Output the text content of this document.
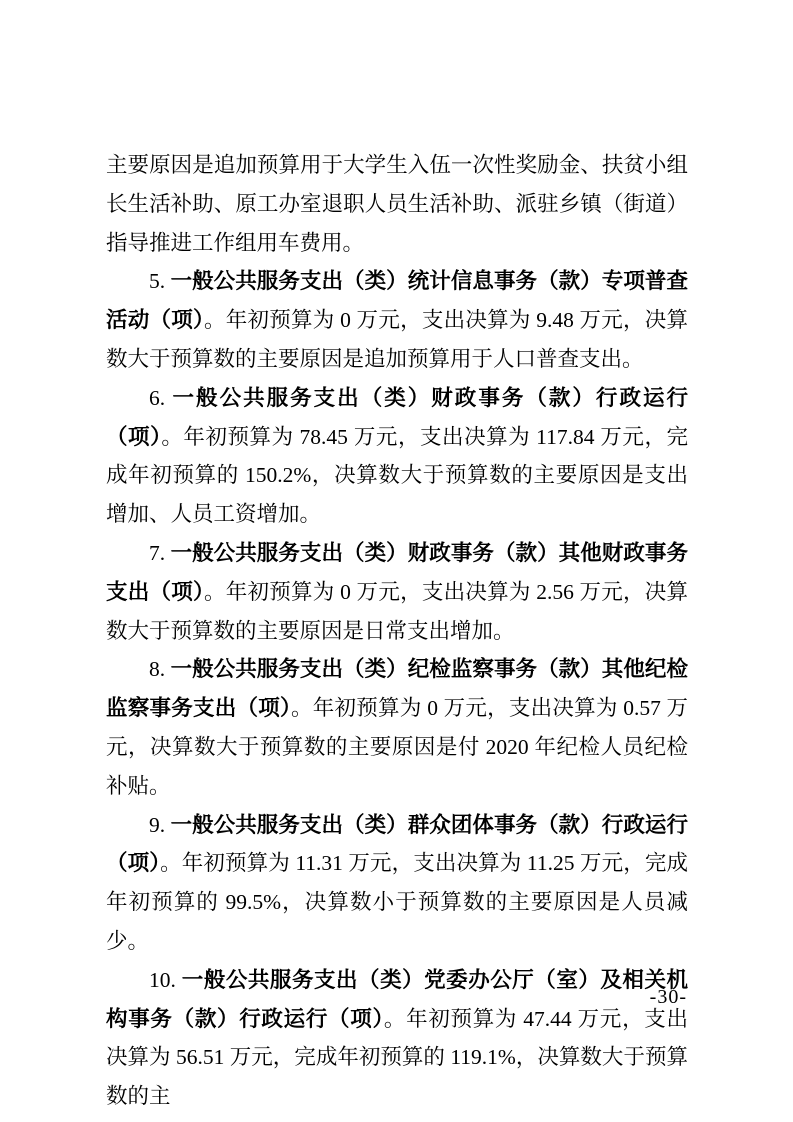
主要原因是追加预算用于大学生入伍一次性奖励金、扶贫小组长生活补助、原工办室退职人员生活补助、派驻乡镇（街道）指导推进工作组用车费用。

5. 一般公共服务支出（类）统计信息事务（款）专项普查活动（项）。年初预算为 0 万元，支出决算为 9.48 万元，决算数大于预算数的主要原因是追加预算用于人口普查支出。

6. 一般公共服务支出（类）财政事务（款）行政运行（项）。年初预算为 78.45 万元，支出决算为 117.84 万元，完成年初预算的 150.2%，决算数大于预算数的主要原因是支出增加、人员工资增加。

7. 一般公共服务支出（类）财政事务（款）其他财政事务支出（项）。年初预算为 0 万元，支出决算为 2.56 万元，决算数大于预算数的主要原因是日常支出增加。

8. 一般公共服务支出（类）纪检监察事务（款）其他纪检监察事务支出（项）。年初预算为 0 万元，支出决算为 0.57 万元，决算数大于预算数的主要原因是付 2020 年纪检人员纪检补贴。

9. 一般公共服务支出（类）群众团体事务（款）行政运行（项）。年初预算为 11.31 万元，支出决算为 11.25 万元，完成年初预算的 99.5%，决算数小于预算数的主要原因是人员减少。

10. 一般公共服务支出（类）党委办公厅（室）及相关机构事务（款）行政运行（项）。年初预算为 47.44 万元，支出决算为 56.51 万元，完成年初预算的 119.1%，决算数大于预算数的主

-30-
